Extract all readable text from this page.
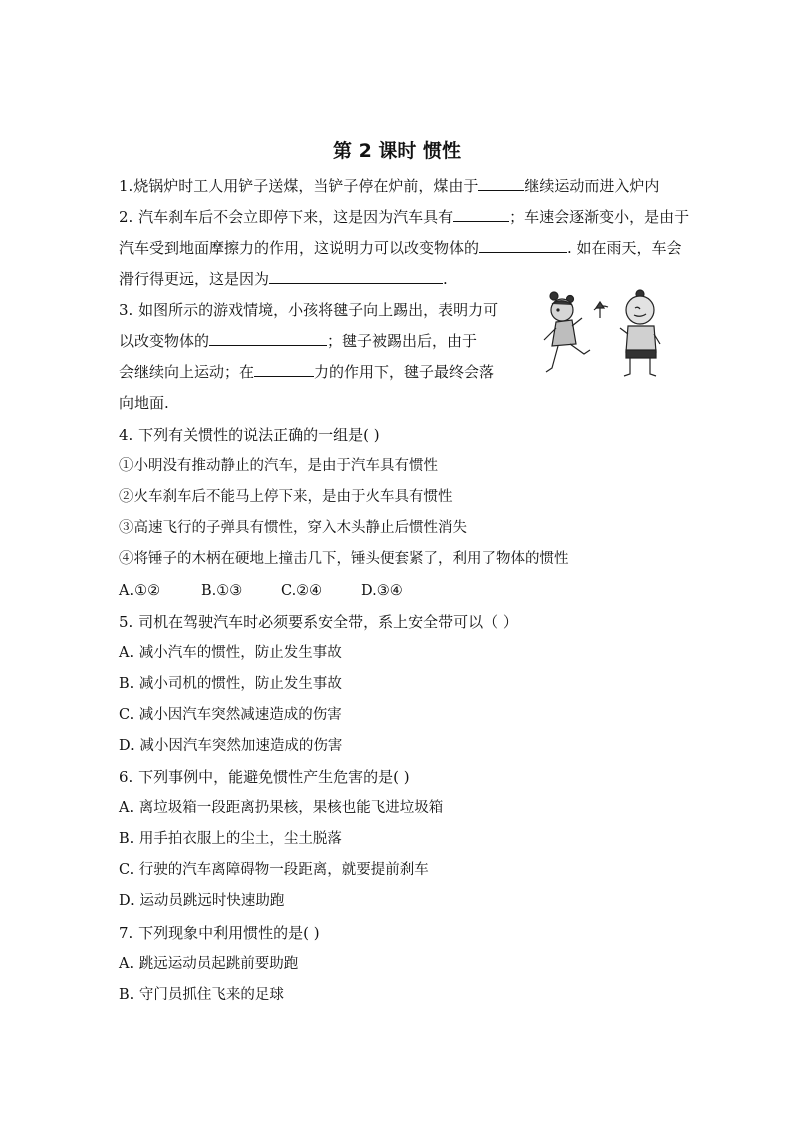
第 2 课时 惯性
1.烧锅炉时工人用铲子送煤，当铲子停在炉前，煤由于	继续运动而进入炉内
2. 汽车刹车后不会立即停下来，这是因为汽车具有	；车速会逐渐变小，是由于
汽车受到地面摩擦力的作用，这说明力可以改变物体的	. 如在雨天，车会
滑行得更远，这是因为	.
3. 如图所示的游戏情境，小孩将毽子向上踢出，表明力可
以改变物体的	；毽子被踢出后，由于
会继续向上运动；在	力的作用下，毽子最终会落
向地面.
4. 下列有关惯性的说法正确的一组是( )
①小明没有推动静止的汽车，是由于汽车具有惯性
②火车刹车后不能马上停下来，是由于火车具有惯性
③高速飞行的子弹具有惯性，穿入木头静止后惯性消失
④将锤子的木柄在硬地上撞击几下，锤头便套紧了，利用了物体的惯性
A.①②	B.①③	C.②④	D.③④
5. 司机在驾驶汽车时必须要系安全带，系上安全带可以（ ）
A. 减小汽车的惯性，防止发生事故
B. 减小司机的惯性，防止发生事故
C. 减小因汽车突然减速造成的伤害
D. 减小因汽车突然加速造成的伤害
6. 下列事例中，能避免惯性产生危害的是( )
A. 离垃圾箱一段距离扔果核，果核也能飞进垃圾箱
B. 用手拍衣服上的尘土，尘土脱落
C. 行驶的汽车离障碍物一段距离，就要提前刹车
D. 运动员跳远时快速助跑
7. 下列现象中利用惯性的是( )
A. 跳远运动员起跳前要助跑
B. 守门员抓住飞来的足球
